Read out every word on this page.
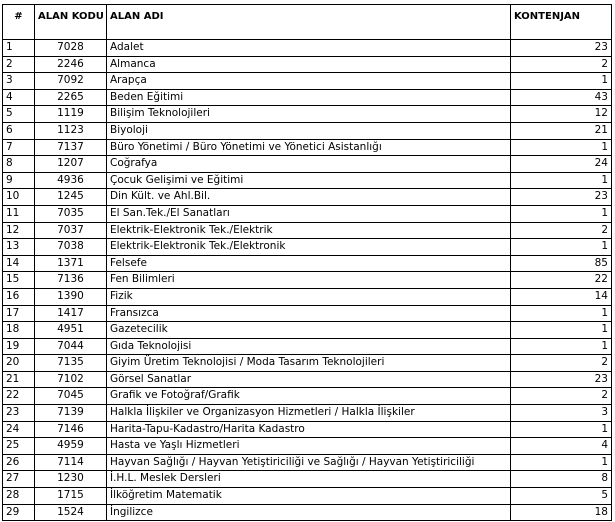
#	ALAN KODU	ALAN ADI	KONTENJAN
1	7028	Adalet	23
2	2246	Almanca	2
3	7092	Arapça	1
4	2265	Beden Eğitimi	43
5	1119	Bilişim Teknolojileri	12
6	1123	Biyoloji	21
7	7137	Büro Yönetimi / Büro Yönetimi ve Yönetici Asistanlığı	1
8	1207	Coğrafya	24
9	4936	Çocuk Gelişimi ve Eğitimi	1
10	1245	Din Kült. ve Ahl.Bil.	23
11	7035	El San.Tek./El Sanatları	1
12	7037	Elektrik-Elektronik Tek./Elektrik	2
13	7038	Elektrik-Elektronik Tek./Elektronik	1
14	1371	Felsefe	85
15	7136	Fen Bilimleri	22
16	1390	Fizik	14
17	1417	Fransızca	1
18	4951	Gazetecilik	1
19	7044	Gıda Teknolojisi	1
20	7135	Giyim Üretim Teknolojisi / Moda Tasarım Teknolojileri	2
21	7102	Görsel Sanatlar	23
22	7045	Grafik ve Fotoğraf/Grafik	2
23	7139	Halkla İlişkiler ve Organizasyon Hizmetleri / Halkla İlişkiler	3
24	7146	Harita-Tapu-Kadastro/Harita Kadastro	1
25	4959	Hasta ve Yaşlı Hizmetleri	4
26	7114	Hayvan Sağlığı / Hayvan Yetiştiriciliği ve Sağlığı / Hayvan Yetiştiriciliği	1
27	1230	İ.H.L. Meslek Dersleri	8
28	1715	İlköğretim Matematik	5
29	1524	İngilizce	18
